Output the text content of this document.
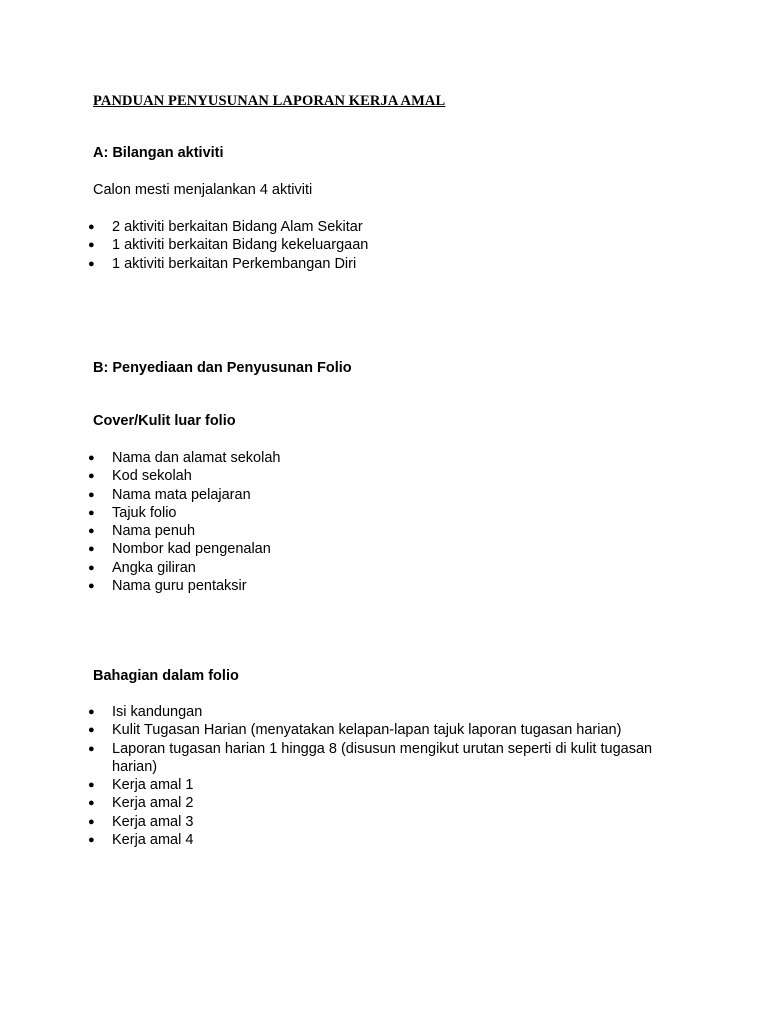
PANDUAN PENYUSUNAN LAPORAN KERJA AMAL
A: Bilangan aktiviti

Calon mesti menjalankan 4 aktiviti

● 2 aktiviti berkaitan Bidang Alam Sekitar
● 1 aktiviti berkaitan Bidang kekeluargaan
● 1 aktiviti berkaitan Perkembangan Diri
B: Penyediaan dan Penyusunan Folio
Cover/Kulit luar folio
● Nama dan alamat sekolah
● Kod sekolah
● Nama mata pelajaran
● Tajuk folio
● Nama penuh
● Nombor kad pengenalan
● Angka giliran
● Nama guru pentaksir
Bahagian dalam folio
● Isi kandungan
● Kulit Tugasan Harian (menyatakan kelapan-lapan tajuk laporan tugasan harian)
● Laporan tugasan harian 1 hingga 8 (disusun mengikut urutan seperti di kulit tugasan harian)
● Kerja amal 1
● Kerja amal 2
● Kerja amal 3
● Kerja amal 4
